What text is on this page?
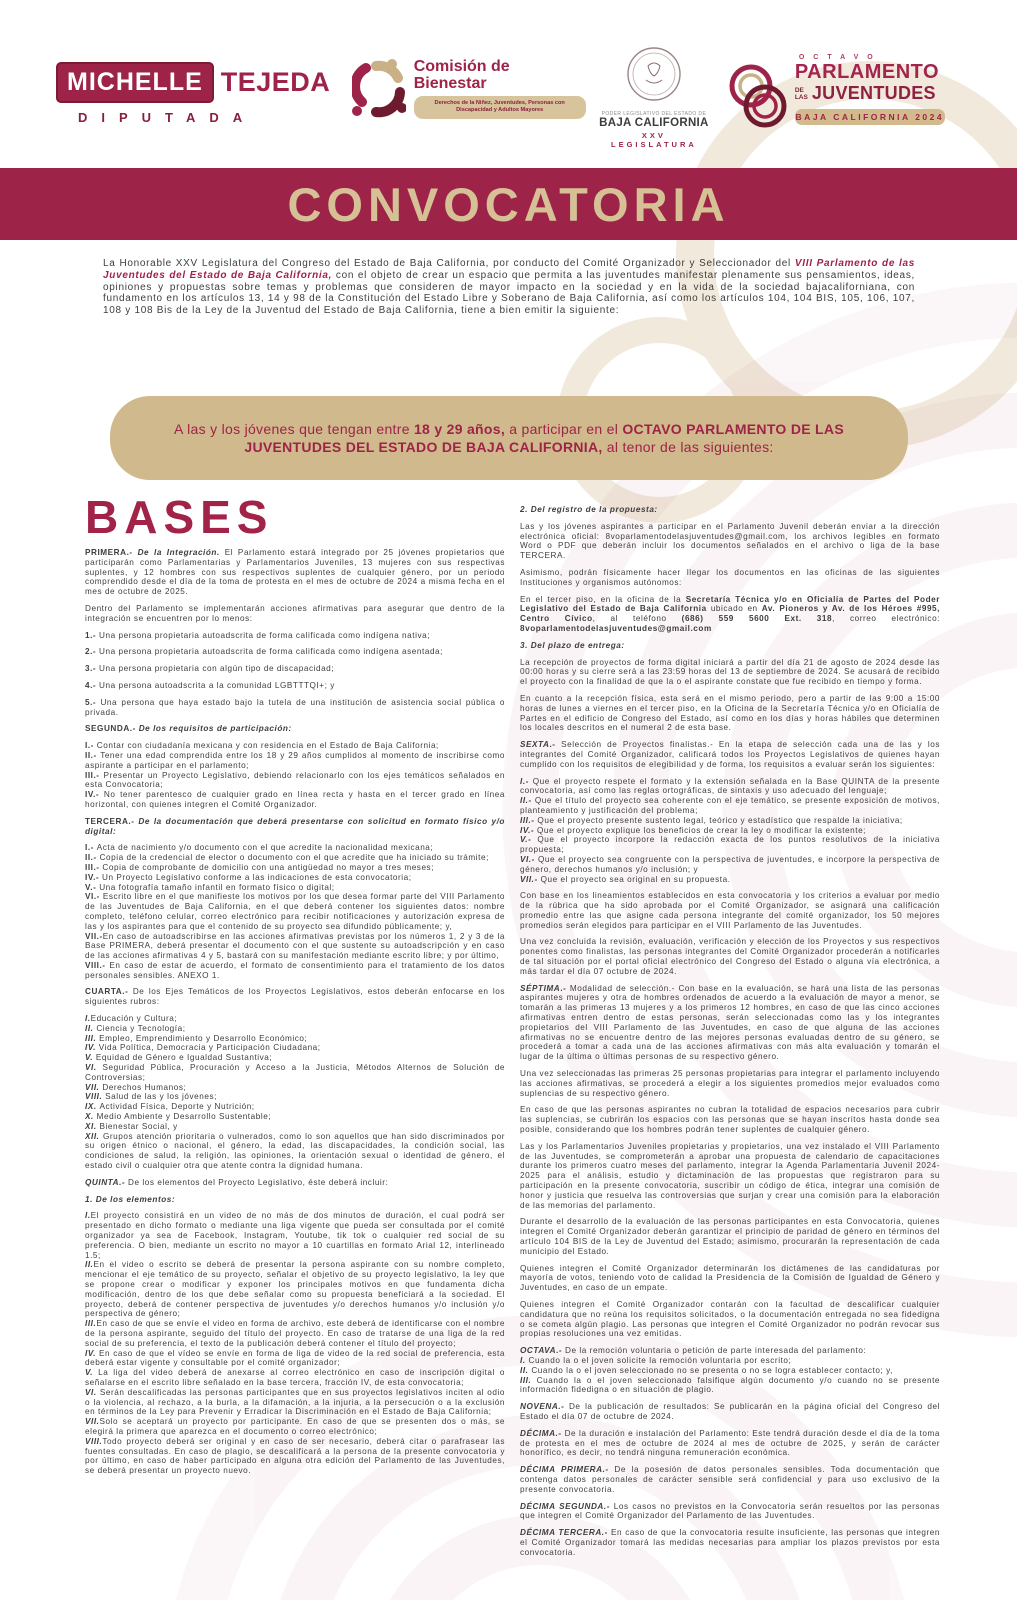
MICHELLE TEJEDA
DIPUTADA
Comisión de
Bienestar
Derechos de la Niñez, Juventudes, Personas con Discapacidad y Adultos Mayores
PODER LEGISLATIVO DEL ESTADO DE
BAJA CALIFORNIA
XXV LEGISLATURA
OCTAVO
PARLAMENTO
DE
LAS JUVENTUDES
BAJA CALIFORNIA 2024
CONVOCATORIA
La Honorable XXV Legislatura del Congreso del Estado de Baja California, por conducto del Comité Organizador y Seleccionador del VIII Parlamento de las Juventudes del Estado de Baja California, con el objeto de crear un espacio que permita a las juventudes manifestar plenamente sus pensamientos, ideas, opiniones y propuestas sobre temas y problemas que consideren de mayor impacto en la sociedad y en la vida de la sociedad bajacaliforniana, con fundamento en los artículos 13, 14 y 98 de la Constitución del Estado Libre y Soberano de Baja California, así como los artículos 104, 104 BIS, 105, 106, 107, 108 y 108 Bis de la Ley de la Juventud del Estado de Baja California, tiene a bien emitir la siguiente:
A las y los jóvenes que tengan entre 18 y 29 años, a participar en el OCTAVO PARLAMENTO DE LAS JUVENTUDES DEL ESTADO DE BAJA CALIFORNIA, al tenor de las siguientes:
BASES

PRIMERA.- De la Integración. El Parlamento estará integrado por 25 jóvenes propietarios que participarán como Parlamentarias y Parlamentarios Juveniles, 13 mujeres con sus respectivas suplentes, y 12 hombres con sus respectivos suplentes de cualquier género, por un periodo comprendido desde el día de la toma de protesta en el mes de octubre de 2024 a misma fecha en el mes de octubre de 2025.

Dentro del Parlamento se implementarán acciones afirmativas para asegurar que dentro de la integración se encuentren por lo menos:

1.- Una persona propietaria autoadscrita de forma calificada como indígena nativa;

2.- Una persona propietaria autoadscrita de forma calificada como indígena asentada;

3.- Una persona propietaria con algún tipo de discapacidad;

4.- Una persona autoadscrita a la comunidad LGBTTTQI+; y

5.- Una persona que haya estado bajo la tutela de una institución de asistencia social pública o privada.

SEGUNDA.- De los requisitos de participación:

I.- Contar con ciudadanía mexicana y con residencia en el Estado de Baja California;

II.- Tener una edad comprendida entre los 18 y 29 años cumplidos al momento de inscribirse como aspirante a participar en el parlamento;

III.- Presentar un Proyecto Legislativo, debiendo relacionarlo con los ejes temáticos señalados en esta Convocatoria;

IV.- No tener parentesco de cualquier grado en línea recta y hasta en el tercer grado en línea horizontal, con quienes integren el Comité Organizador.

TERCERA.- De la documentación que deberá presentarse con solicitud en formato físico y/o digital:

I.- Acta de nacimiento y/o documento con el que acredite la nacionalidad mexicana;

II.- Copia de la credencial de elector o documento con el que acredite que ha iniciado su trámite;

III.- Copia de comprobante de domicilio con una antigüedad no mayor a tres meses;

IV.- Un Proyecto Legislativo conforme a las indicaciones de esta convocatoria;

V.- Una fotografía tamaño infantil en formato físico o digital;

VI.- Escrito libre en el que manifieste los motivos por los que desea formar parte del VIII Parlamento de las Juventudes de Baja California, en el que deberá contener los siguientes datos: nombre completo, teléfono celular, correo electrónico para recibir notificaciones y autorización expresa de las y los aspirantes para que el contenido de su proyecto sea difundido públicamente; y,

VII.-En caso de autoadscribirse en las acciones afirmativas previstas por los números 1, 2 y 3 de la Base PRIMERA, deberá presentar el documento con el que sustente su autoadscripción y en caso de las acciones afirmativas 4 y 5, bastará con su manifestación mediante escrito libre; y por último,

VIII.- En caso de estar de acuerdo, el formato de consentimiento para el tratamiento de los datos personales sensibles. ANEXO 1.

CUARTA.- De los Ejes Temáticos de los Proyectos Legislativos, estos deberán enfocarse en los siguientes rubros:

I.Educación y Cultura;

II. Ciencia y Tecnología;

III. Empleo, Emprendimiento y Desarrollo Económico;

IV. Vida Política, Democracia y Participación Ciudadana;

V. Equidad de Género e Igualdad Sustantiva;

VI. Seguridad Pública, Procuración y Acceso a la Justicia, Métodos Alternos de Solución de Controversias;

VII. Derechos Humanos;

VIII. Salud de las y los jóvenes;

IX. Actividad Física, Deporte y Nutrición;

X. Medio Ambiente y Desarrollo Sustentable;

XI. Bienestar Social, y

XII. Grupos atención prioritaria o vulnerados, como lo son aquellos que han sido discriminados por su origen étnico o nacional, el género, la edad, las discapacidades, la condición social, las condiciones de salud, la religión, las opiniones, la orientación sexual o identidad de género, el estado civil o cualquier otra que atente contra la dignidad humana.

QUINTA.- De los elementos del Proyecto Legislativo, éste deberá incluir:

1. De los elementos:

I.El proyecto consistirá en un video de no más de dos minutos de duración, el cual podrá ser presentado en dicho formato o mediante una liga vigente que pueda ser consultada por el comité organizador ya sea de Facebook, Instagram, Youtube, tik tok o cualquier red social de su preferencia. O bien, mediante un escrito no mayor a 10 cuartillas en formato Arial 12, interlineado 1.5;

II.En el video o escrito se deberá de presentar la persona aspirante con su nombre completo, mencionar el eje temático de su proyecto, señalar el objetivo de su proyecto legislativo, la ley que se propone crear o modificar y exponer los principales motivos en que fundamenta dicha modificación, dentro de los que debe señalar como su propuesta beneficiará a la sociedad. El proyecto, deberá de contener perspectiva de juventudes y/o derechos humanos y/o inclusión y/o perspectiva de género;

III.En caso de que se envíe el video en forma de archivo, este deberá de identificarse con el nombre de la persona aspirante, seguido del título del proyecto. En caso de tratarse de una liga de la red social de su preferencia, el texto de la publicación deberá contener el título del proyecto;

IV. En caso de que el vídeo se envíe en forma de liga de video de la red social de preferencia, esta deberá estar vigente y consultable por el comité organizador;

V. La liga del video deberá de anexarse al correo electrónico en caso de inscripción digital o señalarse en el escrito libre señalado en la base tercera, fracción IV, de esta convocatoria;

VI. Serán descalificadas las personas participantes que en sus proyectos legislativos inciten al odio o la violencia, al rechazo, a la burla, a la difamación, a la injuria, a la persecución o a la exclusión en términos de la Ley para Prevenir y Erradicar la Discriminación en el Estado de Baja California;

VII.Solo se aceptará un proyecto por participante. En caso de que se presenten dos o más, se elegirá la primera que aparezca en el documento o correo electrónico;

VIII.Todo proyecto deberá ser original y en caso de ser necesario, deberá citar o parafrasear las fuentes consultadas. En caso de plagio, se descalificará a la persona de la presente convocatoria y por último, en caso de haber participado en alguna otra edición del Parlamento de las Juventudes, se deberá presentar un proyecto nuevo.

2. Del registro de la propuesta:

Las y los jóvenes aspirantes a participar en el Parlamento Juvenil deberán enviar a la dirección electrónica oficial: 8voparlamentodelasjuventudes@gmail.com, los archivos legibles en formato Word o PDF que deberán incluir los documentos señalados en el archivo o liga de la base TERCERA.

Asimismo, podrán físicamente hacer llegar los documentos en las oficinas de las siguientes Instituciones y organismos autónomos:

En el tercer piso, en la oficina de la Secretaría Técnica y/o en Oficialía de Partes del Poder Legislativo del Estado de Baja California ubicado en Av. Pioneros y Av. de los Héroes #995, Centro Cívico, al teléfono (686) 559 5600 Ext. 318, correo electrónico: 8voparlamentodelasjuventudes@gmail.com

3. Del plazo de entrega:

La recepción de proyectos de forma digital iniciará a partir del día 21 de agosto de 2024 desde las 00:00 horas y su cierre será a las 23:59 horas del 13 de septiembre de 2024. Se acusará de recibido el proyecto con la finalidad de que la o el aspirante constate que fue recibido en tiempo y forma.

En cuanto a la recepción física, esta será en el mismo periodo, pero a partir de las 9:00 a 15:00 horas de lunes a viernes en el tercer piso, en la Oficina de la Secretaría Técnica y/o en Oficialía de Partes en el edificio de Congreso del Estado, así como en los días y horas hábiles que determinen los locales descritos en el numeral 2 de esta base.

SEXTA.- Selección de Proyectos finalistas.- En la etapa de selección cada una de las y los integrantes del Comité Organizador, calificará todos los Proyectos Legislativos de quienes hayan cumplido con los requisitos de elegibilidad y de forma, los requisitos a evaluar serán los siguientes:

I.- Que el proyecto respete el formato y la extensión señalada en la Base QUINTA de la presente convocatoria, así como las reglas ortográficas, de sintaxis y uso adecuado del lenguaje;

II.- Que el título del proyecto sea coherente con el eje temático, se presente exposición de motivos, planteamiento y justificación del problema;

III.- Que el proyecto presente sustento legal, teórico y estadístico que respalde la iniciativa;

IV.- Que el proyecto explique los beneficios de crear la ley o modificar la existente;

V.- Que el proyecto incorpore la redacción exacta de los puntos resolutivos de la iniciativa propuesta;

VI.- Que el proyecto sea congruente con la perspectiva de juventudes, e incorpore la perspectiva de género, derechos humanos y/o inclusión; y

VII.- Que el proyecto sea original en su propuesta.

Con base en los lineamientos establecidos en esta convocatoria y los criterios a evaluar por medio de la rúbrica que ha sido aprobada por el Comité Organizador, se asignará una calificación promedio entre las que asigne cada persona integrante del comité organizador, los 50 mejores promedios serán elegidos para participar en el VIII Parlamento de las Juventudes.

Una vez concluida la revisión, evaluación, verificación y elección de los Proyectos y sus respectivos ponentes como finalistas, las personas integrantes del Comité Organizador procederán a notificarles de tal situación por el portal oficial electrónico del Congreso del Estado o alguna vía electrónica, a más tardar el día 07 octubre de 2024.

SÉPTIMA.- Modalidad de selección.- Con base en la evaluación, se hará una lista de las personas aspirantes mujeres y otra de hombres ordenados de acuerdo a la evaluación de mayor a menor, se tomarán a las primeras 13 mujeres y a los primeros 12 hombres, en caso de que las cinco acciones afirmativas entren dentro de estas personas, serán seleccionadas como las y los integrantes propietarios del VIII Parlamento de las Juventudes, en caso de que alguna de las acciones afirmativas no se encuentre dentro de las mejores personas evaluadas dentro de su género, se procederá a tomar a cada una de las acciones afirmativas con más alta evaluación y tomarán el lugar de la última o últimas personas de su respectivo género.

Una vez seleccionadas las primeras 25 personas propietarias para integrar el parlamento incluyendo las acciones afirmativas, se procederá a elegir a los siguientes promedios mejor evaluados como suplencias de su respectivo género.

En caso de que las personas aspirantes no cubran la totalidad de espacios necesarios para cubrir las suplencias, se cubrirán los espacios con las personas que se hayan inscritos hasta donde sea posible, considerando que los hombres podrán tener suplentes de cualquier género.

Las y los Parlamentarios Juveniles propietarias y propietarios, una vez instalado el VIII Parlamento de las Juventudes, se comprometerán a aprobar una propuesta de calendario de capacitaciones durante los primeros cuatro meses del parlamento, integrar la Agenda Parlamentaria Juvenil 2024-2025 para el análisis, estudio y dictaminación de las propuestas que registraron para su participación en la presente convocatoria, suscribir un código de ética, integrar una comisión de honor y justicia que resuelva las controversias que surjan y crear una comisión para la elaboración de las memorias del parlamento.

Durante el desarrollo de la evaluación de las personas participantes en esta Convocatoria, quienes integren el Comité Organizador deberán garantizar el principio de paridad de género en términos del artículo 104 BIS de la Ley de Juventud del Estado; asimismo, procurarán la representación de cada municipio del Estado.

Quienes integren el Comité Organizador determinarán los dictámenes de las candidaturas por mayoría de votos, teniendo voto de calidad la Presidencia de la Comisión de Igualdad de Género y Juventudes, en caso de un empate.

Quienes integren el Comité Organizador contarán con la facultad de descalificar cualquier candidatura que no reúna los requisitos solicitados, o la documentación entregada no sea fidedigna o se cometa algún plagio. Las personas que integren el Comité Organizador no podrán revocar sus propias resoluciones una vez emitidas.

OCTAVA.- De la remoción voluntaria o petición de parte interesada del parlamento:

I. Cuando la o el joven solicite la remoción voluntaria por escrito;

II. Cuando la o el joven seleccionado no se presenta o no se logra establecer contacto; y,

III. Cuando la o el joven seleccionado falsifique algún documento y/o cuando no se presente información fidedigna o en situación de plagio.

NOVENA.- De la publicación de resultados: Se publicarán en la página oficial del Congreso del Estado el día 07 de octubre de 2024.

DÉCIMA.- De la duración e instalación del Parlamento: Este tendrá duración desde el día de la toma de protesta en el mes de octubre de 2024 al mes de octubre de 2025, y serán de carácter honorífico, es decir, no tendrá ninguna remuneración económica.

DÉCIMA PRIMERA.- De la posesión de datos personales sensibles. Toda documentación que contenga datos personales de carácter sensible será confidencial y para uso exclusivo de la presente convocatoria.

DÉCIMA SEGUNDA.- Los casos no previstos en la Convocatoria serán resueltos por las personas que integren el Comité Organizador del Parlamento de las Juventudes.

DÉCIMA TERCERA.- En caso de que la convocatoria resulte insuficiente, las personas que integren el Comité Organizador tomará las medidas necesarias para ampliar los plazos previstos por esta convocatoria.
